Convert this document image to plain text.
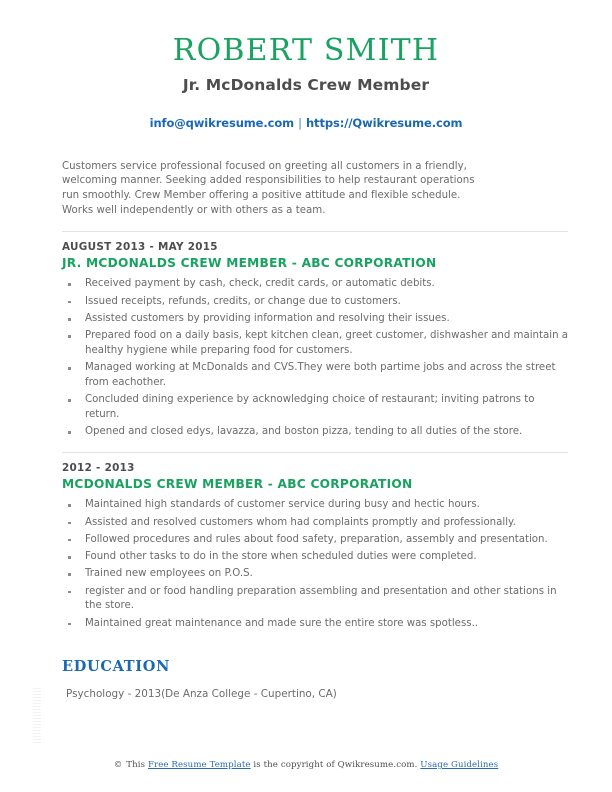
ROBERT SMITH
Jr. McDonalds Crew Member
info@qwikresume.com | https://Qwikresume.com
Customers service professional focused on greeting all customers in a friendly,
welcoming manner. Seeking added responsibilities to help restaurant operations
run smoothly. Crew Member offering a positive attitude and flexible schedule.
Works well independently or with others as a team.
AUGUST 2013 - MAY 2015
JR. MCDONALDS CREW MEMBER - ABC CORPORATION
Received payment by cash, check, credit cards, or automatic debits.
Issued receipts, refunds, credits, or change due to customers.
Assisted customers by providing information and resolving their issues.
Prepared food on a daily basis, kept kitchen clean, greet customer, dishwasher and maintain a healthy hygiene while preparing food for customers.
Managed working at McDonalds and CVS.They were both partime jobs and across the street from eachother.
Concluded dining experience by acknowledging choice of restaurant; inviting patrons to return.
Opened and closed edys, lavazza, and boston pizza, tending to all duties of the store.
2012 - 2013
MCDONALDS CREW MEMBER - ABC CORPORATION
Maintained high standards of customer service during busy and hectic hours.
Assisted and resolved customers whom had complaints promptly and professionally.
Followed procedures and rules about food safety, preparation, assembly and presentation.
Found other tasks to do in the store when scheduled duties were completed.
Trained new employees on P.O.S.
register and or food handling preparation assembling and presentation and other stations in the store.
Maintained great maintenance and made sure the entire store was spotless..
EDUCATION
Psychology - 2013(De Anza College - Cupertino, CA)
© This Free Resume Template is the copyright of Qwikresume.com. Usage Guidelines
